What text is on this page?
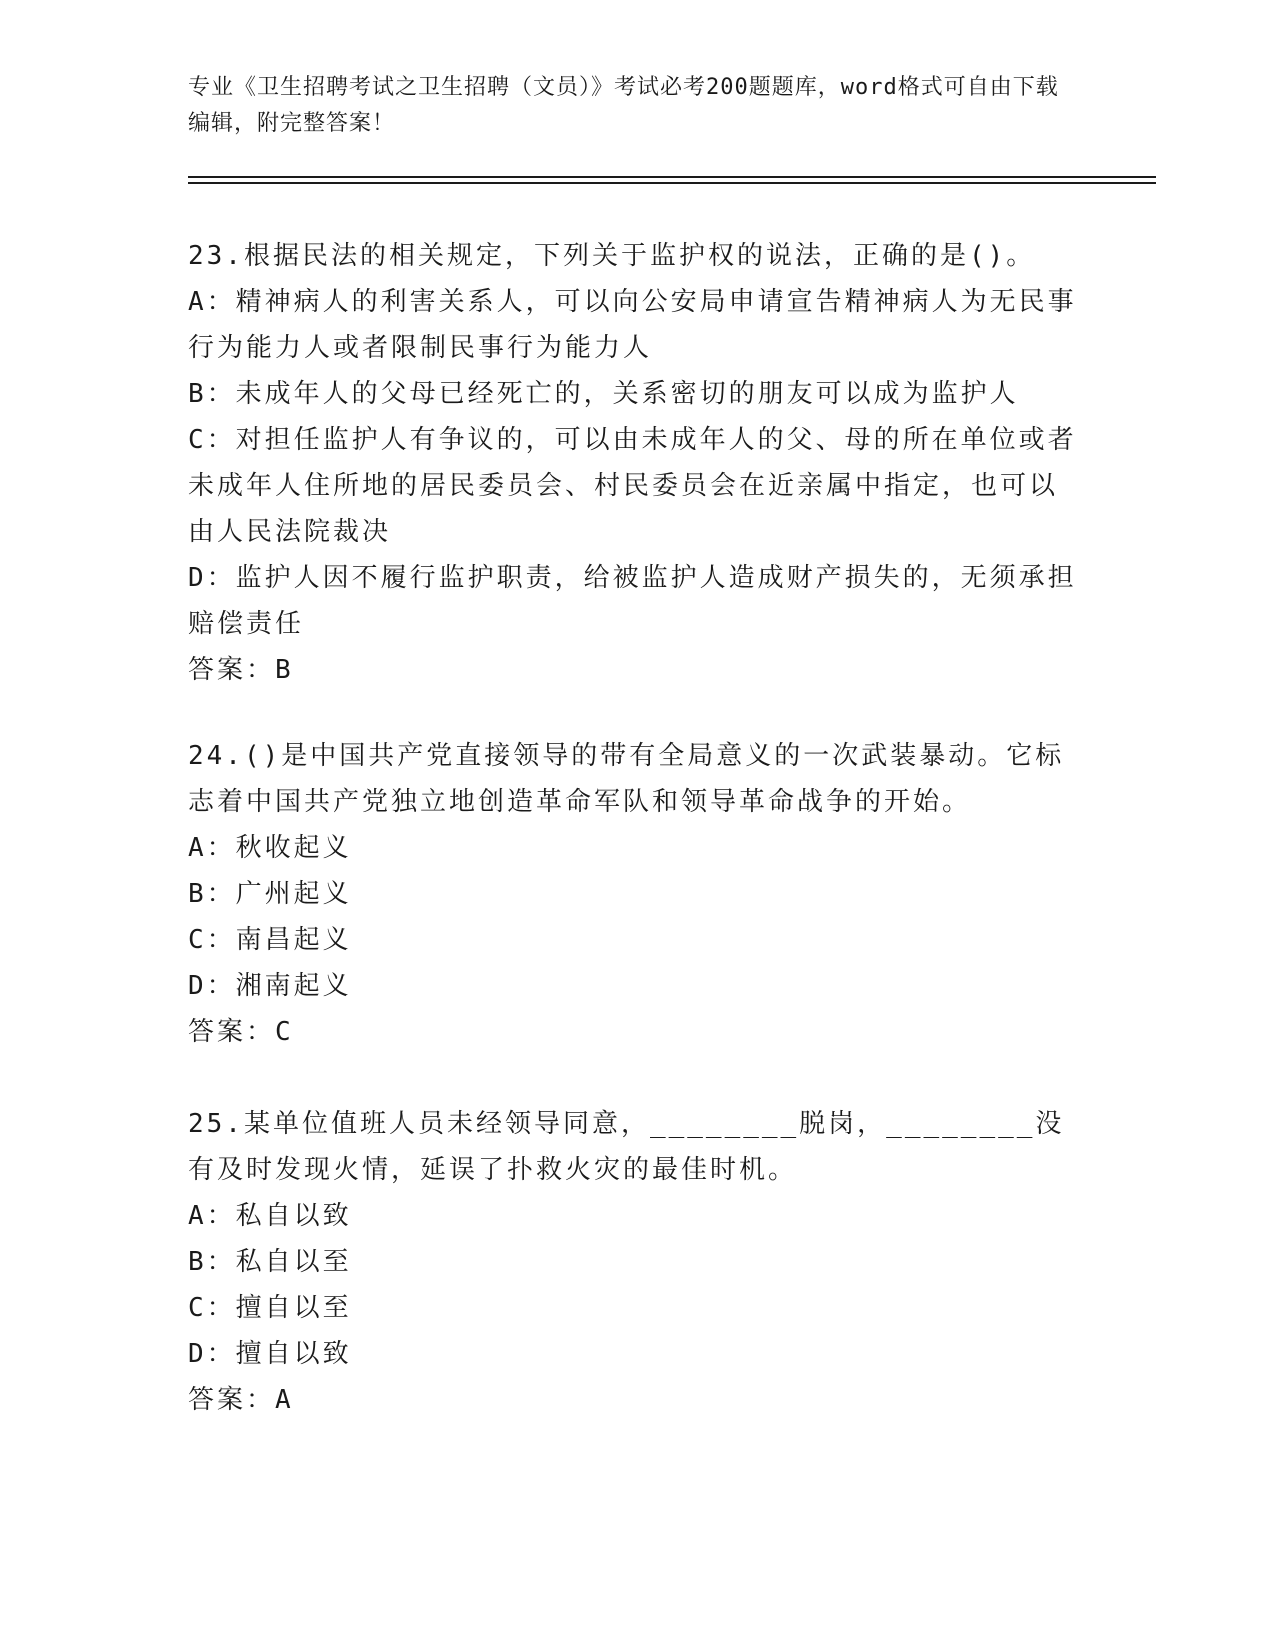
专业《卫生招聘考试之卫生招聘（文员）》考试必考200题题库，word格式可自由下载编辑，附完整答案！

23.根据民法的相关规定，下列关于监护权的说法，正确的是()。

A：精神病人的利害关系人，可以向公安局申请宣告精神病人为无民事行为能力人或者限制民事行为能力人

B：未成年人的父母已经死亡的，关系密切的朋友可以成为监护人

C：对担任监护人有争议的，可以由未成年人的父、母的所在单位或者未成年人住所地的居民委员会、村民委员会在近亲属中指定，也可以由人民法院裁决

D：监护人因不履行监护职责，给被监护人造成财产损失的，无须承担赔偿责任

答案：B

24.()是中国共产党直接领导的带有全局意义的一次武装暴动。它标志着中国共产党独立地创造革命军队和领导革命战争的开始。

A：秋收起义

B：广州起义

C：南昌起义

D：湘南起义

答案：C

25.某单位值班人员未经领导同意，________脱岗，________没有及时发现火情，延误了扑救火灾的最佳时机。

A：私自以致

B：私自以至

C：擅自以至

D：擅自以致

答案：A
